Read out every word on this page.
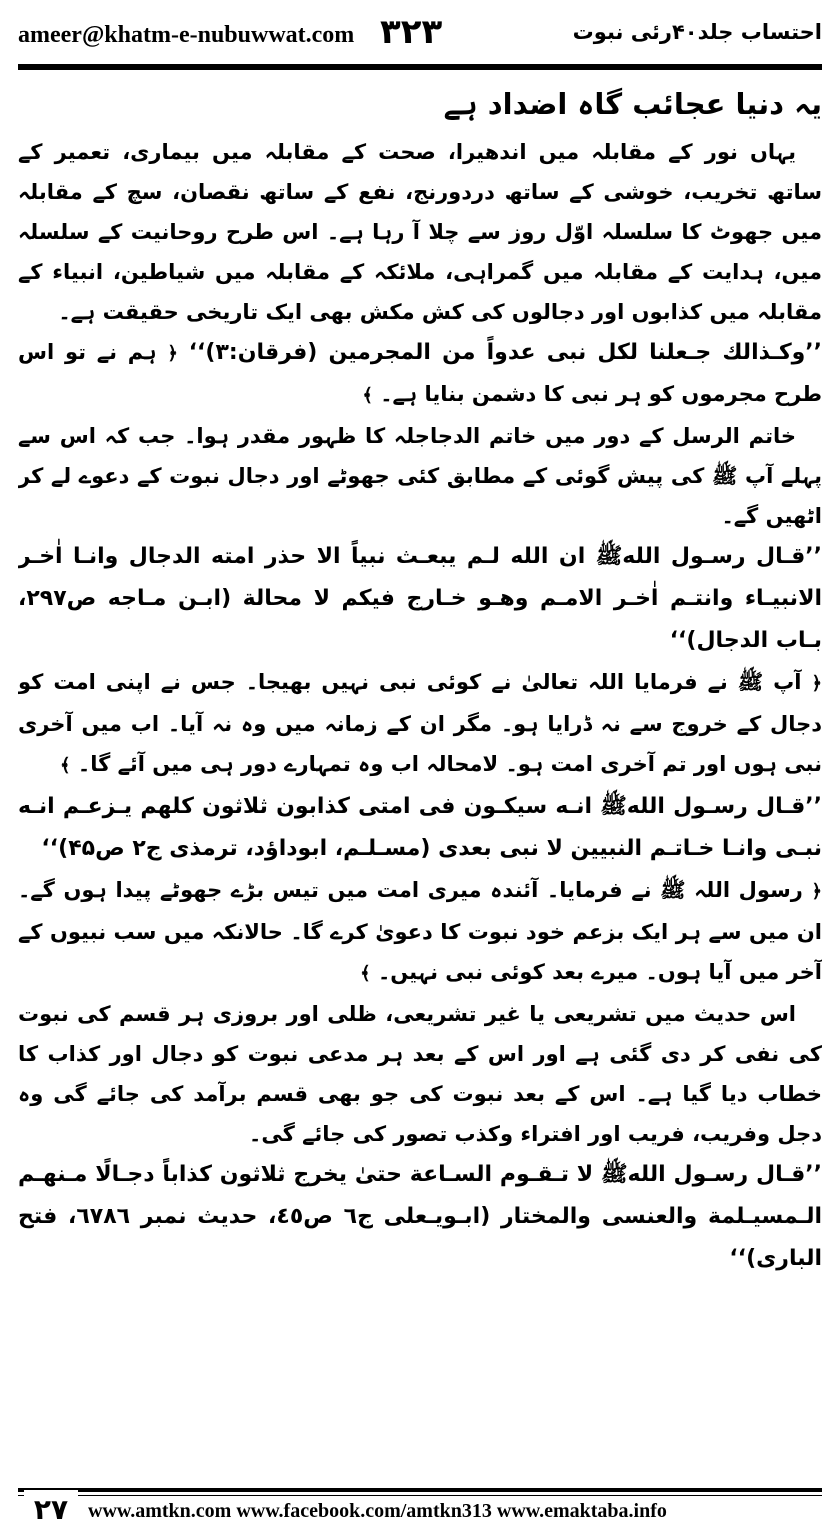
ameer@khatm-e-nubuwwat.com ۳۲۳	احتساب جلد۴۰رئی نبوت

یہ دنیا عجائب گاہ اضداد ہے

یہاں نور کے مقابلہ میں اندھیرا، صحت کے مقابلہ میں بیماری، تعمیر کے ساتھ تخریب، خوشی کے ساتھ دردورنج، نفع کے ساتھ نقصان، سچ کے مقابلہ میں جھوٹ کا سلسلہ اوّل روز سے چلا آ رہا ہے۔ اس طرح روحانیت کے سلسلہ میں، ہدایت کے مقابلہ میں گمراہی، ملائکہ کے مقابلہ میں شیاطین، انبیاء کے مقابلہ میں کذابوں اور دجالوں کی کش مکش بھی ایک تاریخی حقیقت ہے۔

’’وکـذالك جـعلنا لكل نبى عدواً من المجرمين (فرقان:۳)‘‘ ﴿ ہم نے تو اس طرح مجرموں کو ہر نبی کا دشمن بنایا ہے۔ ﴾

خاتم الرسل کے دور میں خاتم الدجاجلہ کا ظہور مقدر ہوا۔ جب کہ اس سے پہلے آپ ﷺ کی پیش گوئی کے مطابق کئی جھوٹے اور دجال نبوت کے دعوے لے کر اٹھیں گے۔

’’قـال رسـول اللهﷺ ان الله لـم يبعـث نبياً الا حذر امته الدجال وانـا اٰخـر الانبيـاء وانتـم اٰخـر الامـم وهـو خـارج فيكم لا محالة (ابـن مـاجه ص۲۹۷، بـاب الدجال)‘‘

﴿ آپ ﷺ نے فرمایا اللہ تعالیٰ نے کوئی نبی نہیں بھیجا۔ جس نے اپنی امت کو دجال کے خروج سے نہ ڈرایا ہو۔ مگر ان کے زمانہ میں وہ نہ آیا۔ اب میں آخری نبی ہوں اور تم آخری امت ہو۔ لامحالہ اب وہ تمہارے دور ہی میں آئے گا۔ ﴾

’’قـال رسـول اللهﷺ انـه سيكـون فى امتى كذابون ثلاثون كلهم يـزعـم انـه نبـى وانـا خـاتـم النبيين لا نبى بعدى (مسـلـم، ابوداؤد، ترمذى ج۲ ص۴۵)‘‘

﴿ رسول اللہ ﷺ نے فرمایا۔ آئندہ میری امت میں تیس بڑے جھوٹے پیدا ہوں گے۔ ان میں سے ہر ایک بزعم خود نبوت کا دعویٰ کرے گا۔ حالانکہ میں سب نبیوں کے آخر میں آیا ہوں۔ میرے بعد کوئی نبی نہیں۔ ﴾

اس حدیث میں تشریعی یا غیر تشریعی، ظلی اور بروزی ہر قسم کی نبوت کی نفی کر دی گئی ہے اور اس کے بعد ہر مدعی نبوت کو دجال اور کذاب کا خطاب دیا گیا ہے۔ اس کے بعد نبوت کی جو بھی قسم برآمد کی جائے گی وہ دجل وفریب، فریب اور افتراء وکذب تصور کی جائے گی۔

’’قـال رسـول اللهﷺ لا تـقـوم السـاعة حتىٰ يخرج ثلاثون كذاباً دجـالًا مـنهـم الـمسيـلمة والعنسى والمختار (ابـويـعلى ج٦ ص٤٥، حديث نمبر ٦٧٨٦، فتح البارى)‘‘

۲۷ www.amtkn.com www.facebook.com/amtkn313 www.emaktaba.info
